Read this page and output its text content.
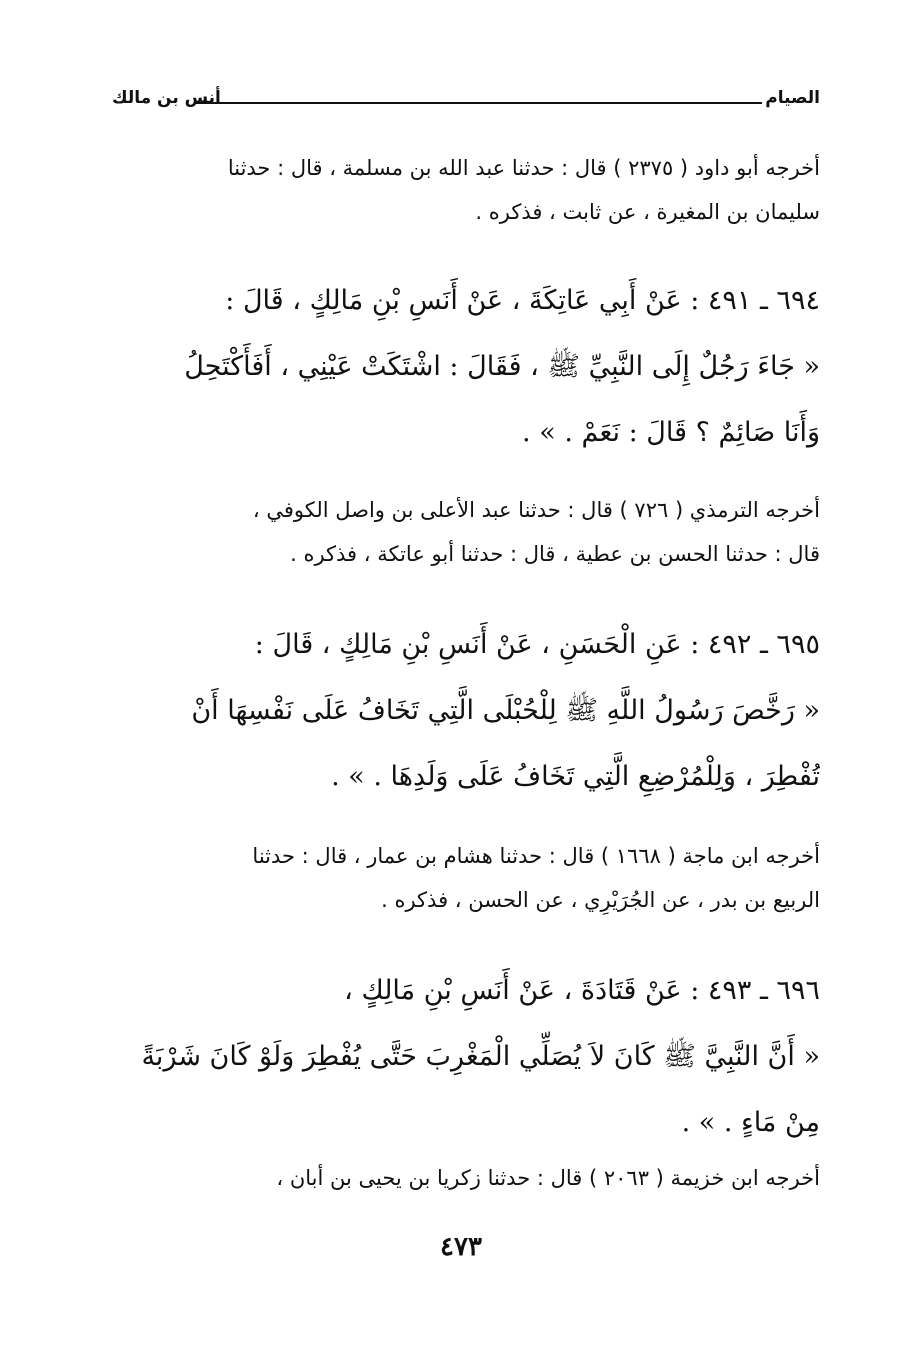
الصيام
أنس بن مالك
أخرجه أبو داود ( ٢٣٧٥ ) قال : حدثنا عبد الله بن مسلمة ، قال : حدثنا
سليمان بن المغيرة ، عن ثابت ، فذكره .
٦٩٤ ـ ٤٩١ : عَنْ أَبِي عَاتِكَةَ ، عَنْ أَنَسِ بْنِ مَالِكٍ ، قَالَ :
« جَاءَ رَجُلٌ إِلَى النَّبِيِّ ﷺ ، فَقَالَ : اشْتَكَتْ عَيْنِي ، أَفَأَكْتَحِلُ
وَأَنَا صَائِمٌ ؟ قَالَ : نَعَمْ . » .
أخرجه الترمذي ( ٧٢٦ ) قال : حدثنا عبد الأعلى بن واصل الكوفي ،
قال : حدثنا الحسن بن عطية ، قال : حدثنا أبو عاتكة ، فذكره .
٦٩٥ ـ ٤٩٢ : عَنِ الْحَسَنِ ، عَنْ أَنَسِ بْنِ مَالِكٍ ، قَالَ :
« رَخَّصَ رَسُولُ اللَّهِ ﷺ لِلْحُبْلَى الَّتِي تَخَافُ عَلَى نَفْسِهَا أَنْ
تُفْطِرَ ، وَلِلْمُرْضِعِ الَّتِي تَخَافُ عَلَى وَلَدِهَا . » .
أخرجه ابن ماجة ( ١٦٦٨ ) قال : حدثنا هشام بن عمار ، قال : حدثنا
الربيع بن بدر ، عن الجُرَيْرِي ، عن الحسن ، فذكره .
٦٩٦ ـ ٤٩٣ : عَنْ قَتَادَةَ ، عَنْ أَنَسِ بْنِ مَالِكٍ ،
« أَنَّ النَّبِيَّ ﷺ كَانَ لاَ يُصَلِّي الْمَغْرِبَ حَتَّى يُفْطِرَ وَلَوْ كَانَ شَرْبَةً
مِنْ مَاءٍ . » .
أخرجه ابن خزيمة ( ٢٠٦٣ ) قال : حدثنا زكريا بن يحيى بن أبان ،
٤٧٣
